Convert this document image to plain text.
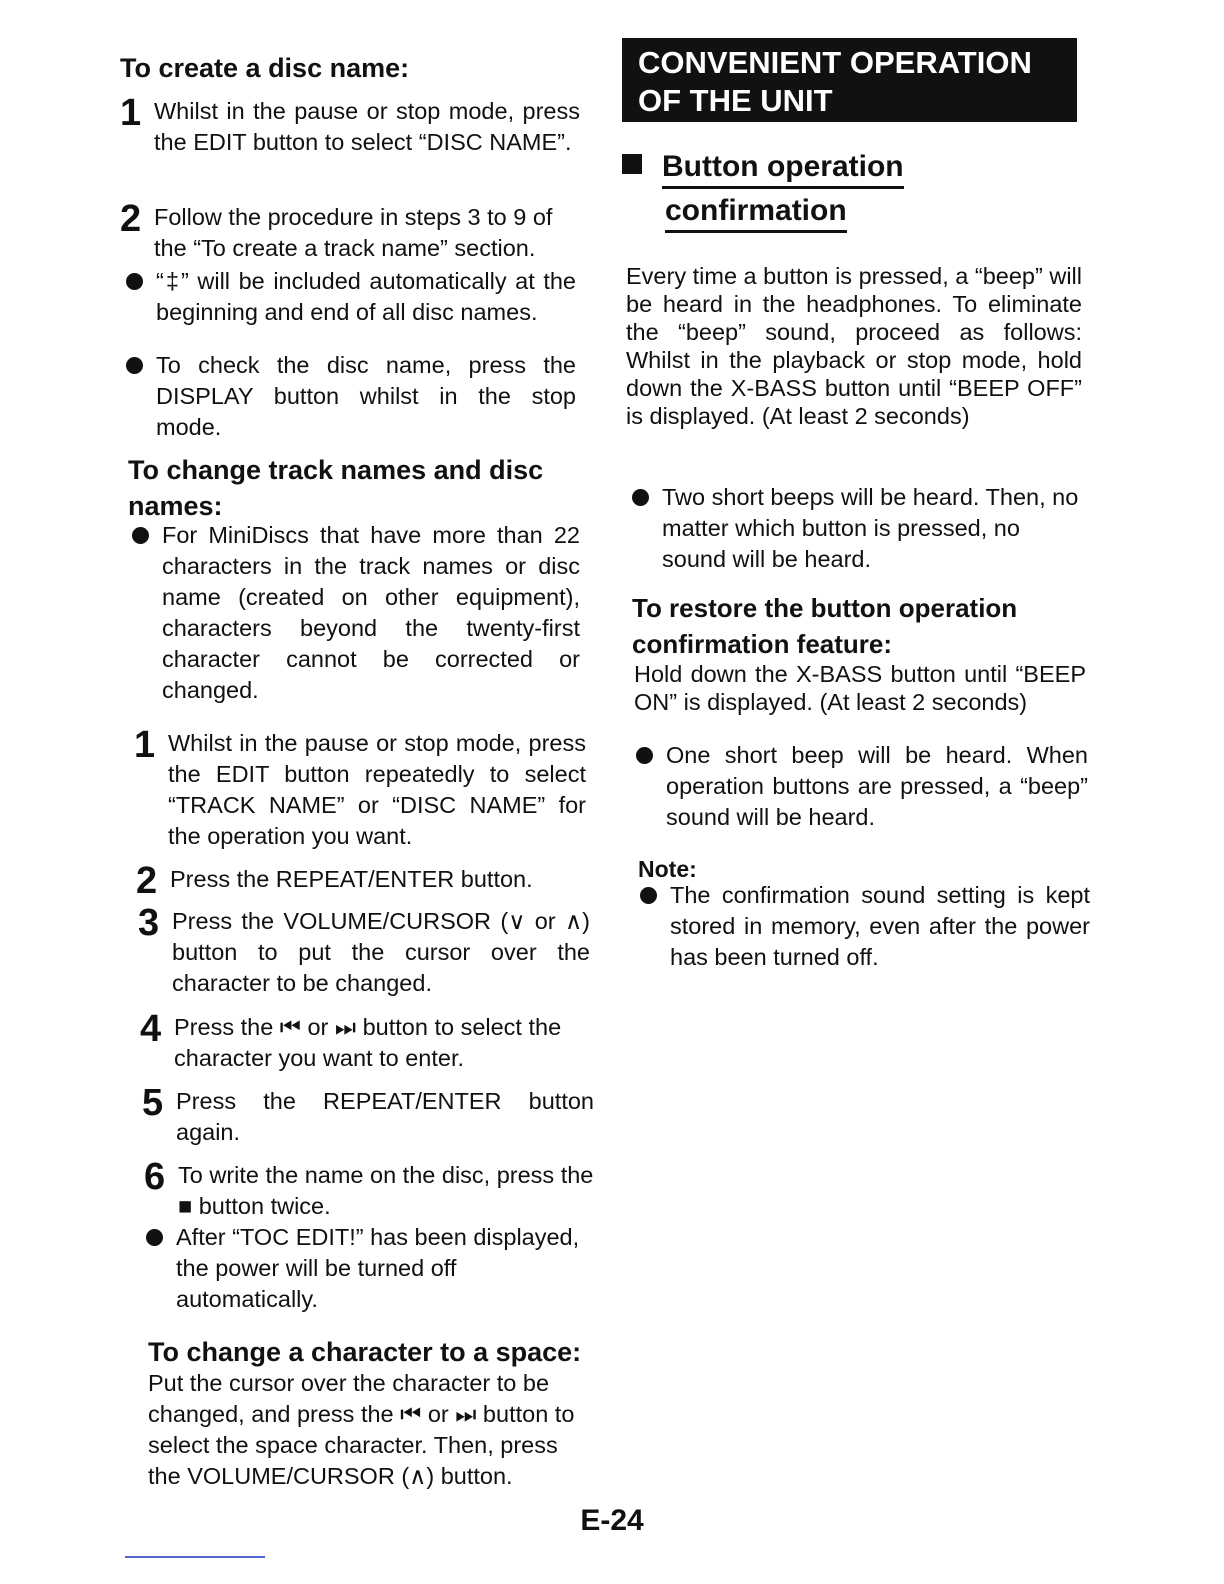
To create a disc name:
1 Whilst in the pause or stop mode, press the EDIT button to select “DISC NAME”.
2 Follow the procedure in steps 3 to 9 of the “To create a track name” section.
“‡” will be included automatically at the beginning and end of all disc names.
To check the disc name, press the DISPLAY button whilst in the stop mode.
To change track names and disc names:
For MiniDiscs that have more than 22 characters in the track names or disc name (created on other equipment), characters beyond the twenty-first character cannot be corrected or changed.
1 Whilst in the pause or stop mode, press the EDIT button repeatedly to select “TRACK NAME” or “DISC NAME” for the operation you want.
2 Press the REPEAT/ENTER button.
3 Press the VOLUME/CURSOR (∨ or ∧) button to put the cursor over the character to be changed.
4 Press the ⏮ or ⏭ button to select the character you want to enter.
5 Press the REPEAT/ENTER button again.
6 To write the name on the disc, press the ■ button twice.
After “TOC EDIT!” has been displayed, the power will be turned off automatically.
To change a character to a space:
Put the cursor over the character to be changed, and press the ⏮ or ⏭ button to select the space character. Then, press the VOLUME/CURSOR (∧) button.
CONVENIENT OPERATION
OF THE UNIT
Button operation
confirmation
Every time a button is pressed, a “beep” will be heard in the headphones. To eliminate the “beep” sound, proceed as follows: Whilst in the playback or stop mode, hold down the X-BASS button until “BEEP OFF” is displayed. (At least 2 seconds)
Two short beeps will be heard. Then, no matter which button is pressed, no sound will be heard.
To restore the button operation confirmation feature:
Hold down the X-BASS button until “BEEP ON” is displayed. (At least 2 seconds)
One short beep will be heard. When operation buttons are pressed, a “beep” sound will be heard.
Note:
The confirmation sound setting is kept stored in memory, even after the power has been turned off.
E-24
